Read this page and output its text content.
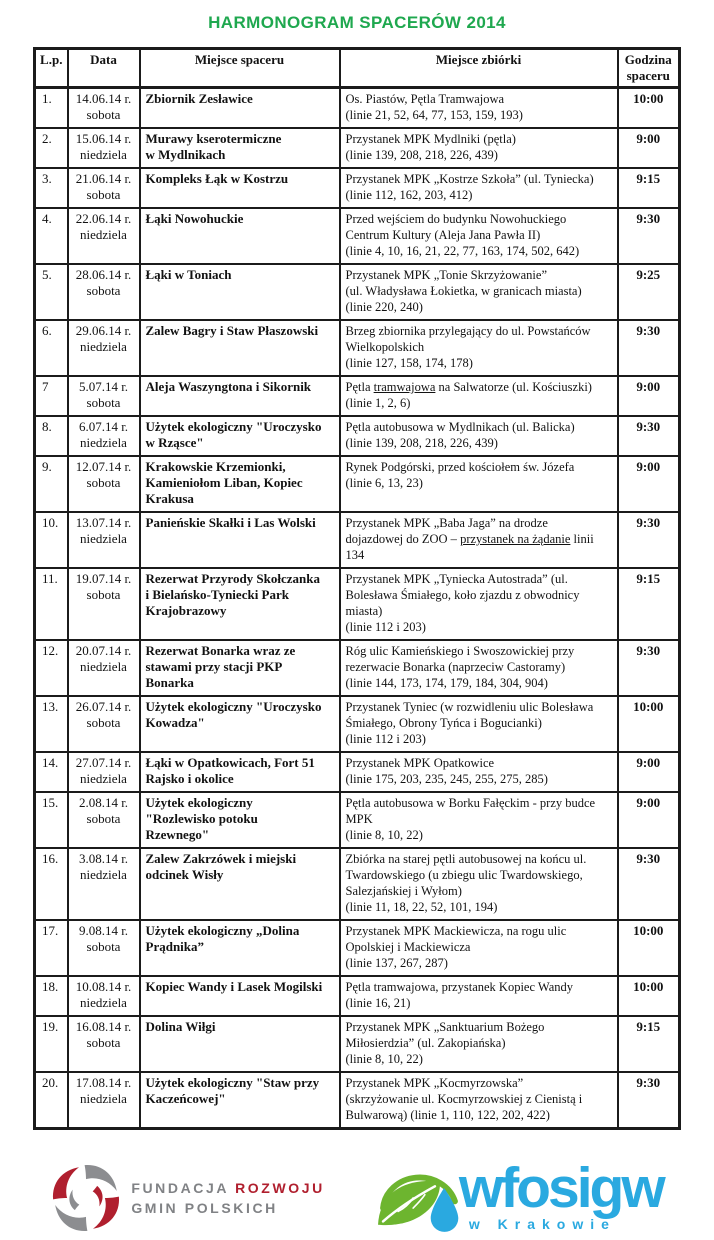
HARMONOGRAM SPACERÓW 2014
L.p.	Data	Miejsce spaceru	Miejsce zbiórki	Godzina spaceru
1.	14.06.14 r.
sobota
	Zbiornik Zesławice	Os. Piastów, Pętla Tramwajowa
(linie 21, 52, 64, 77, 153, 159, 193)	10:00
2.	15.06.14 r.
niedziela
	Murawy kserotermiczne
w Mydlnikach	Przystanek MPK Mydlniki (pętla)
(linie 139, 208, 218, 226, 439)	9:00
3.	21.06.14 r.
sobota
	Kompleks Łąk w Kostrzu	Przystanek MPK „Kostrze Szkoła” (ul. Tyniecka)
(linie 112, 162, 203, 412)	9:15
4.	22.06.14 r.
niedziela
	Łąki Nowohuckie	Przed wejściem do budynku Nowohuckiego
Centrum Kultury (Aleja Jana Pawła II)
(linie 4, 10, 16, 21, 22, 77, 163, 174, 502, 642)	9:30
5.	28.06.14 r.
sobota
	Łąki w Toniach	Przystanek MPK „Tonie Skrzyżowanie”
(ul. Władysława Łokietka, w granicach miasta)
(linie 220, 240)	9:25
6.	29.06.14 r.
niedziela
	Zalew Bagry i Staw Płaszowski	Brzeg zbiornika przylegający do ul. Powstańców
Wielkopolskich
(linie 127, 158, 174, 178)	9:30
7	5.07.14 r.
sobota
	Aleja Waszyngtona i Sikornik	Pętla tramwajowa na Salwatorze (ul. Kościuszki)
(linie 1, 2, 6)	9:00
8.	6.07.14 r.
niedziela
	Użytek ekologiczny "Uroczysko
w Rząsce"	Pętla autobusowa w Mydlnikach (ul. Balicka)
(linie 139, 208, 218, 226, 439)	9:30
9.	12.07.14 r.
sobota
	Krakowskie Krzemionki,
Kamieniołom Liban, Kopiec
Krakusa	Rynek Podgórski, przed kościołem św. Józefa
(linie 6, 13, 23)	9:00
10.	13.07.14 r.
niedziela
	Panieńskie Skałki i Las Wolski	Przystanek MPK „Baba Jaga” na drodze
dojazdowej do ZOO – przystanek na żądanie linii
134	9:30
11.	19.07.14 r.
sobota
	Rezerwat Przyrody Skołczanka
i Bielańsko-Tyniecki Park
Krajobrazowy	Przystanek MPK „Tyniecka Autostrada” (ul.
Bolesława Śmiałego, koło zjazdu z obwodnicy
miasta)
(linie 112 i 203)	9:15
12.	20.07.14 r.
niedziela
	Rezerwat Bonarka wraz ze
stawami przy stacji PKP
Bonarka	Róg ulic Kamieńskiego i Swoszowickiej przy
rezerwacie Bonarka (naprzeciw Castoramy)
(linie 144, 173, 174, 179, 184, 304, 904)	9:30
13.	26.07.14 r.
sobota
	Użytek ekologiczny "Uroczysko
Kowadza"	Przystanek Tyniec (w rozwidleniu ulic Bolesława
Śmiałego, Obrony Tyńca i Bogucianki)
(linie 112 i 203)	10:00
14.	27.07.14 r.
niedziela
	Łąki w Opatkowicach, Fort 51
Rajsko i okolice	Przystanek MPK Opatkowice
(linie 175, 203, 235, 245, 255, 275, 285)	9:00
15.	2.08.14 r.
sobota
	Użytek ekologiczny
"Rozlewisko potoku
Rzewnego"	Pętla autobusowa w Borku Fałęckim - przy budce
MPK
(linie 8, 10, 22)	9:00
16.	3.08.14 r.
niedziela
	Zalew Zakrzówek i miejski
odcinek Wisły	Zbiórka na starej pętli autobusowej na końcu ul.
Twardowskiego (u zbiegu ulic Twardowskiego,
Salezjańskiej i Wyłom)
(linie 11, 18, 22, 52, 101, 194)	9:30
17.	9.08.14 r.
sobota
	Użytek ekologiczny „Dolina
Prądnika”	Przystanek MPK Mackiewicza, na rogu ulic
Opolskiej i Mackiewicza
(linie 137, 267, 287)	10:00
18.	10.08.14 r.
niedziela
	Kopiec Wandy i Lasek Mogilski	Pętla tramwajowa, przystanek Kopiec Wandy
(linie 16, 21)	10:00
19.	16.08.14 r.
sobota
	Dolina Wiłgi	Przystanek MPK „Sanktuarium Bożego
Miłosierdzia” (ul. Zakopiańska)
(linie 8, 10, 22)	9:15
20.	17.08.14 r.
niedziela
	Użytek ekologiczny "Staw przy
Kaczeńcowej"	Przystanek MPK „Kocmyrzowska”
(skrzyżowanie ul. Kocmyrzowskiej z Cienistą i
Bulwarową) (linie 1, 110, 122, 202, 422)	9:30
FUNDACJA ROZWOJU
GMIN POLSKICH	wfosigw
w Krakowie
